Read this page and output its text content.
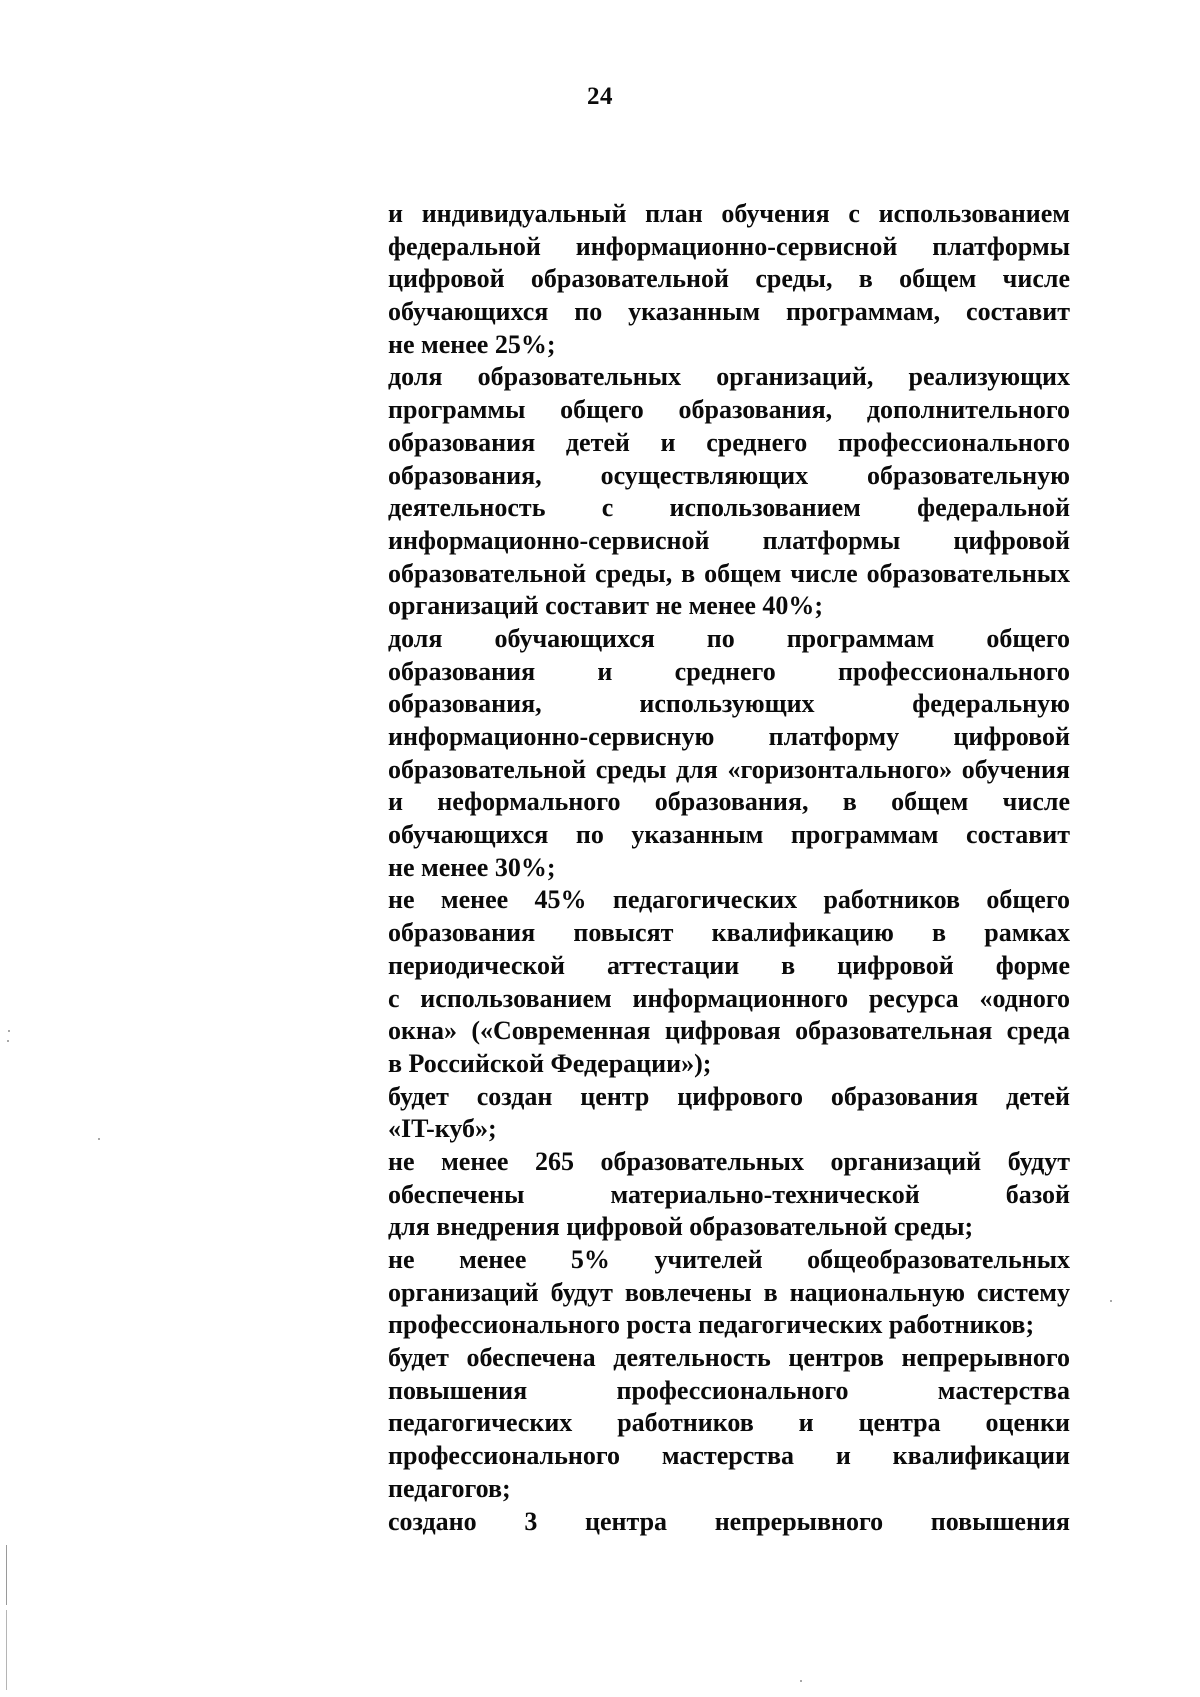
24
и индивидуальный план обучения с использованием
федеральной информационно-сервисной платформы
цифровой образовательной среды, в общем числе
обучающихся по указанным программам, составит
не менее 25%;
доля образовательных организаций, реализующих
программы общего образования, дополнительного
образования детей и среднего профессионального
образования, осуществляющих образовательную
деятельность с использованием федеральной
информационно-сервисной платформы цифровой
образовательной среды, в общем числе образовательных
организаций составит не менее 40%;
доля обучающихся по программам общего
образования и среднего профессионального
образования, использующих федеральную
информационно-сервисную платформу цифровой
образовательной среды для «горизонтального» обучения
и неформального образования, в общем числе
обучающихся по указанным программам составит
не менее 30%;
не менее 45% педагогических работников общего
образования повысят квалификацию в рамках
периодической аттестации в цифровой форме
с использованием информационного ресурса «одного
окна» («Современная цифровая образовательная среда
в Российской Федерации»);
будет создан центр цифрового образования детей
«IT-куб»;
не менее 265 образовательных организаций будут
обеспечены материально-технической базой
для внедрения цифровой образовательной среды;
не менее 5% учителей общеобразовательных
организаций будут вовлечены в национальную систему
профессионального роста педагогических работников;
будет обеспечена деятельность центров непрерывного
повышения профессионального мастерства
педагогических работников и центра оценки
профессионального мастерства и квалификации
педагогов;
создано 3 центра непрерывного повышения
